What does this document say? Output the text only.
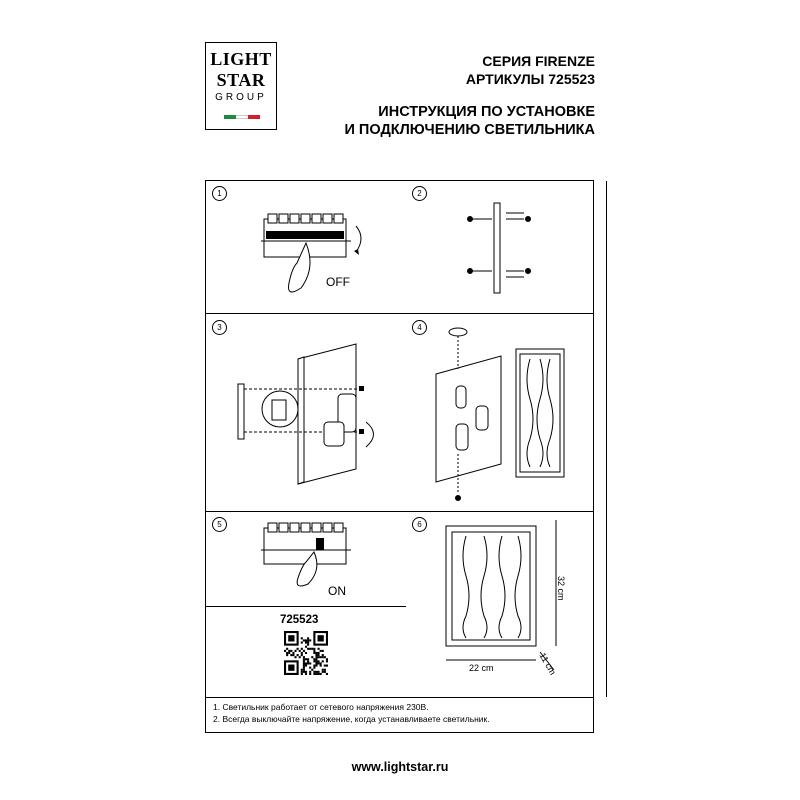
LIGHT
STAR
GROUP
СЕРИЯ FIRENZE
АРТИКУЛЫ 725523
ИНСТРУКЦИЯ ПО УСТАНОВКЕ
И ПОДКЛЮЧЕНИЮ СВЕТИЛЬНИКА
1	2
3	4
5	6
OFF
ON	32 cm
22 cm	11 cm
725523
1. Светильник работает от сетевого напряжения 230В.
2. Всегда выключайте напряжение, когда устанавливаете светильник.
www.lightstar.ru
